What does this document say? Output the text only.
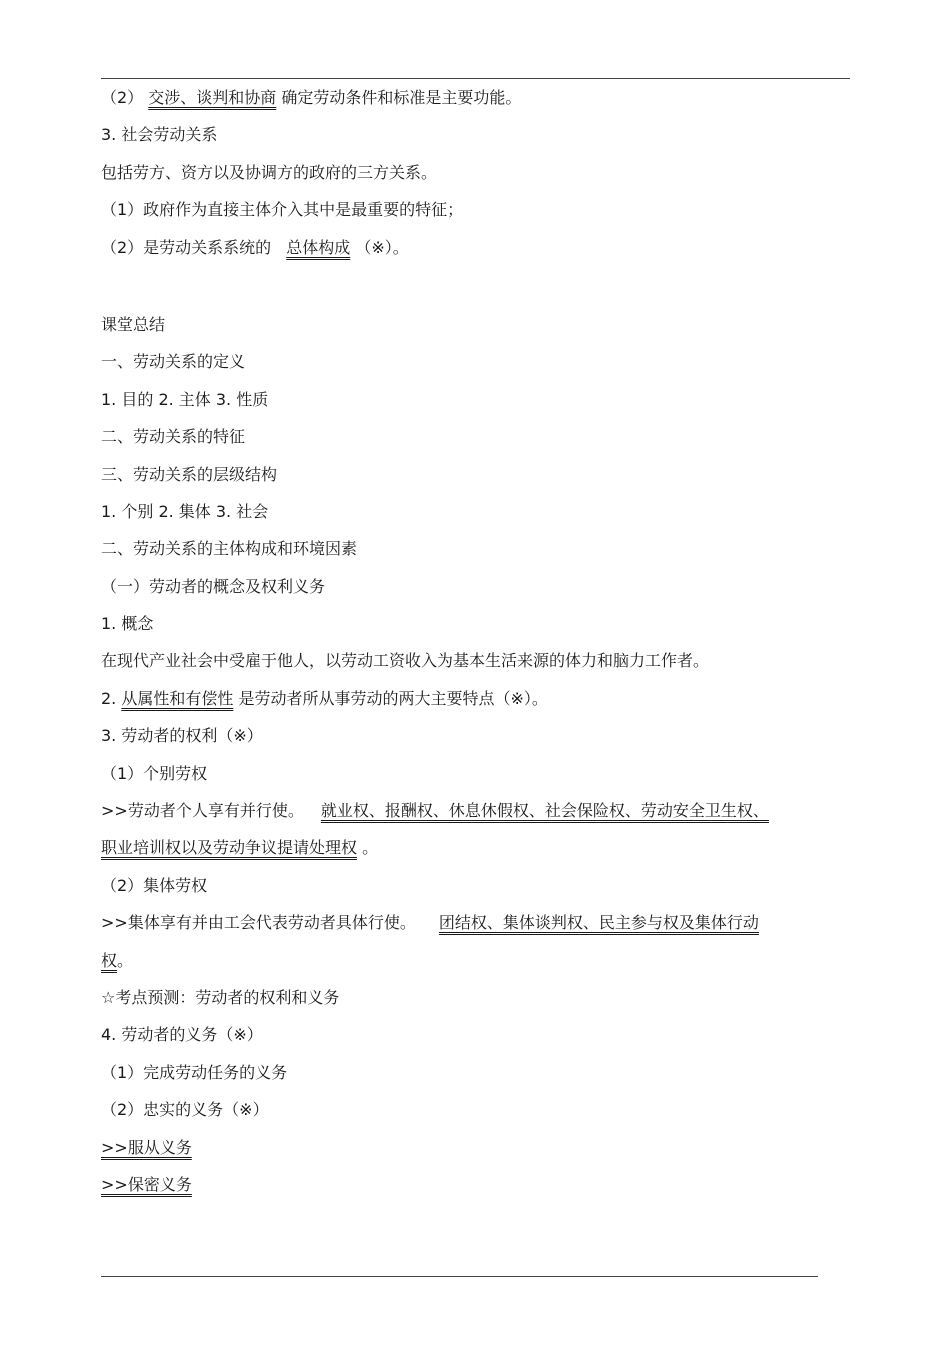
（2） 交涉、谈判和协商 确定劳动条件和标准是主要功能。
3. 社会劳动关系
包括劳方、资方以及协调方的政府的三方关系。
（1）政府作为直接主体介入其中是最重要的特征；
（2）是劳动关系系统的 总体构成 （※）。
课堂总结
一、劳动关系的定义
1. 目的 2. 主体 3. 性质
二、劳动关系的特征
三、劳动关系的层级结构
1. 个别 2. 集体 3. 社会
二、劳动关系的主体构成和环境因素
（一）劳动者的概念及权利义务
1. 概念
在现代产业社会中受雇于他人，以劳动工资收入为基本生活来源的体力和脑力工作者。
2. 从属性和有偿性 是劳动者所从事劳动的两大主要特点（※）。
3. 劳动者的权利（※）
（1）个别劳权
>>劳动者个人享有并行使。 就业权、报酬权、休息休假权、社会保险权、劳动安全卫生权、
职业培训权以及劳动争议提请处理权 。
（2）集体劳权
>>集体享有并由工会代表劳动者具体行使。 团结权、集体谈判权、民主参与权及集体行动
权。
☆考点预测：劳动者的权利和义务
4. 劳动者的义务（※）
（1）完成劳动任务的义务
（2）忠实的义务（※）
>>服从义务
>>保密义务
